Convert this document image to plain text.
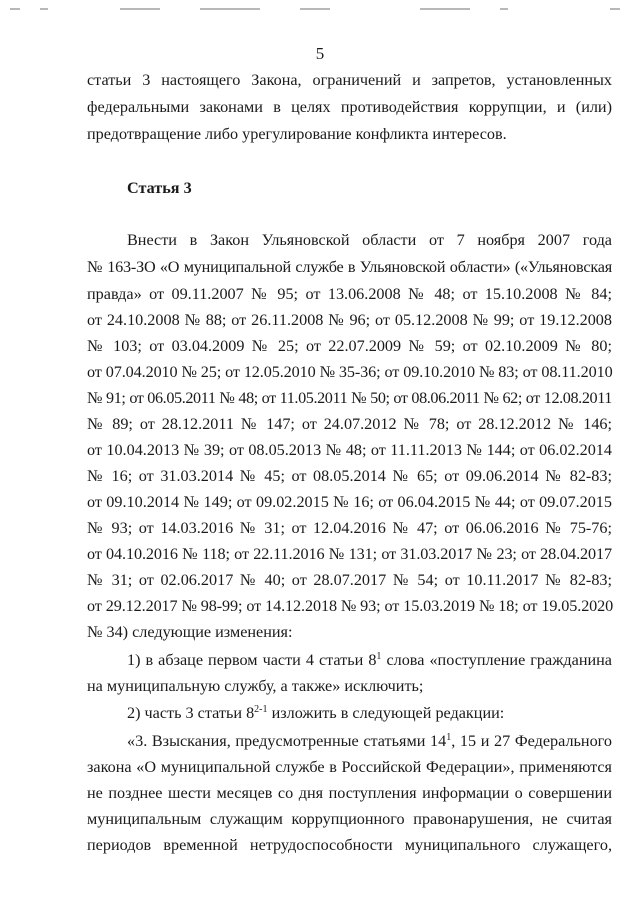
5
статьи 3 настоящего Закона, ограничений и запретов, установленных
федеральными законами в целях противодействия коррупции, и (или)
предотвращение либо урегулирование конфликта интересов.
Статья 3
Внести в Закон Ульяновской области от 7 ноября 2007 года
№ 163-ЗО «О муниципальной службе в Ульяновской области» («Ульяновская
правда» от 09.11.2007 № 95; от 13.06.2008 № 48; от 15.10.2008 № 84;
от 24.10.2008 № 88; от 26.11.2008 № 96; от 05.12.2008 № 99; от 19.12.2008
№ 103; от 03.04.2009 № 25; от 22.07.2009 № 59; от 02.10.2009 № 80;
от 07.04.2010 № 25; от 12.05.2010 № 35-36; от 09.10.2010 № 83; от 08.11.2010
№ 91; от 06.05.2011 № 48; от 11.05.2011 № 50; от 08.06.2011 № 62; от 12.08.2011
№ 89; от 28.12.2011 № 147; от 24.07.2012 № 78; от 28.12.2012 № 146;
от 10.04.2013 № 39; от 08.05.2013 № 48; от 11.11.2013 № 144; от 06.02.2014
№ 16; от 31.03.2014 № 45; от 08.05.2014 № 65; от 09.06.2014 № 82-83;
от 09.10.2014 № 149; от 09.02.2015 № 16; от 06.04.2015 № 44; от 09.07.2015
№ 93; от 14.03.2016 № 31; от 12.04.2016 № 47; от 06.06.2016 № 75-76;
от 04.10.2016 № 118; от 22.11.2016 № 131; от 31.03.2017 № 23; от 28.04.2017
№ 31; от 02.06.2017 № 40; от 28.07.2017 № 54; от 10.11.2017 № 82-83;
от 29.12.2017 № 98-99; от 14.12.2018 № 93; от 15.03.2019 № 18; от 19.05.2020
№ 34) следующие изменения:
1) в абзаце первом части 4 статьи $8^1$ слова «поступление гражданина
на муниципальную службу, а также» исключить;
2) часть 3 статьи 8$^{2-1}$ изложить в следующей редакции:
«3. Взыскания, предусмотренные статьями $14^1$, 15 и 27 Федерального
закона «О муниципальной службе в Российской Федерации», применяются
не позднее шести месяцев со дня поступления информации о совершении
муниципальным служащим коррупционного правонарушения, не считая
периодов временной нетрудоспособности муниципального служащего,
